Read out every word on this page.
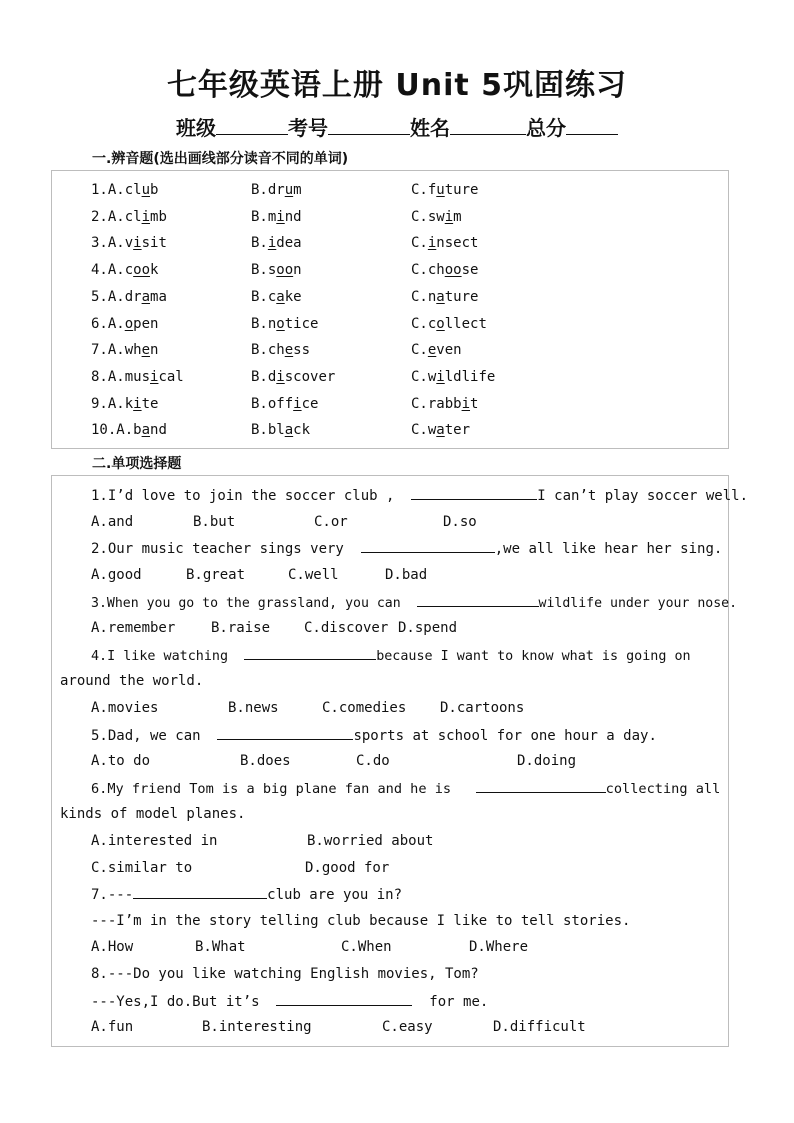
七年级英语上册 Unit 5巩固练习
班级	考号	姓名	总分
一.辨音题(选出画线部分读音不同的单词)
1.A.club	B.drum	C.future
2.A.climb	B.mind	C.swim
3.A.visit	B.idea	C.insect
4.A.cook	B.soon	C.choose
5.A.drama	B.cake	C.nature
6.A.open	B.notice	C.collect
7.A.when	B.chess	C.even
8.A.musical	B.discover	C.wildlife
9.A.kite	B.office	C.rabbit
10.A.band	B.black	C.water
二.单项选择题
1.I’d love to join the soccer club ,	I can’t play soccer well.
A.and	B.but	C.or	D.so
2.Our music teacher sings very	,we all like hear her sing.
A.good	B.great	C.well	D.bad
3.When you go to the grassland, you can	wildlife under your nose.
A.remember	B.raise C.discover D.spend
4.I like watching	because I want to know what is going on
around the world.
A.movies	B.news	C.comedies D.cartoons
5.Dad, we can	sports at school for one hour a day.
A.to do	B.does	C.do	D.doing
6.My friend Tom is a big plane fan and he is	collecting all
kinds of model planes.
A.interested in	B.worried about
C.similar to	D.good for
7.---	club are you in?
---I’m in the story telling club because I like to tell stories.
A.How	B.What	C.When	D.Where
8.---Do you like watching English movies, Tom?
---Yes,I do.But it’s	for me.
A.fun	B.interesting	C.easy	D.difficult
